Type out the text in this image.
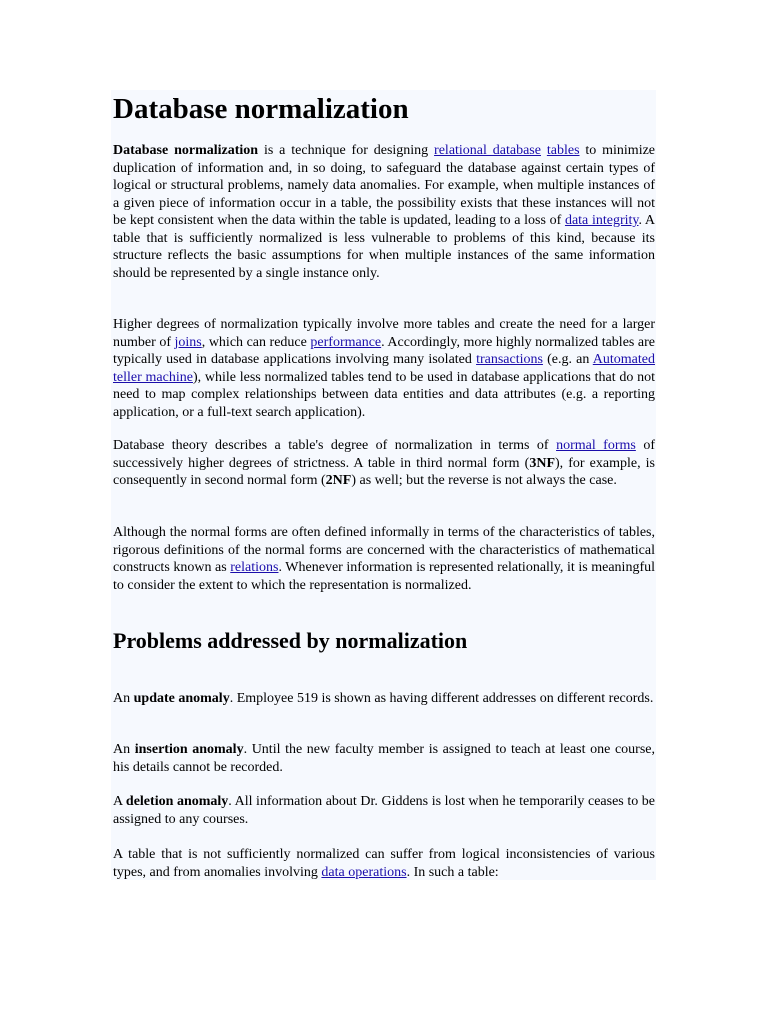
Database normalization

Database normalization is a technique for designing relational database tables to minimize duplication of information and, in so doing, to safeguard the database against certain types of logical or structural problems, namely data anomalies. For example, when multiple instances of a given piece of information occur in a table, the possibility exists that these instances will not be kept consistent when the data within the table is updated, leading to a loss of data integrity. A table that is sufficiently normalized is less vulnerable to problems of this kind, because its structure reflects the basic assumptions for when multiple instances of the same information should be represented by a single instance only.

Higher degrees of normalization typically involve more tables and create the need for a larger number of joins, which can reduce performance. Accordingly, more highly normalized tables are typically used in database applications involving many isolated transactions (e.g. an Automated teller machine), while less normalized tables tend to be used in database applications that do not need to map complex relationships between data entities and data attributes (e.g. a reporting application, or a full-text search application).

Database theory describes a table's degree of normalization in terms of normal forms of successively higher degrees of strictness. A table in third normal form (3NF), for example, is consequently in second normal form (2NF) as well; but the reverse is not always the case.

Although the normal forms are often defined informally in terms of the characteristics of tables, rigorous definitions of the normal forms are concerned with the characteristics of mathematical constructs known as relations. Whenever information is represented relationally, it is meaningful to consider the extent to which the representation is normalized.

Problems addressed by normalization

An update anomaly. Employee 519 is shown as having different addresses on different records.

An insertion anomaly. Until the new faculty member is assigned to teach at least one course, his details cannot be recorded.

A deletion anomaly. All information about Dr. Giddens is lost when he temporarily ceases to be assigned to any courses.

A table that is not sufficiently normalized can suffer from logical inconsistencies of various types, and from anomalies involving data operations. In such a table:
